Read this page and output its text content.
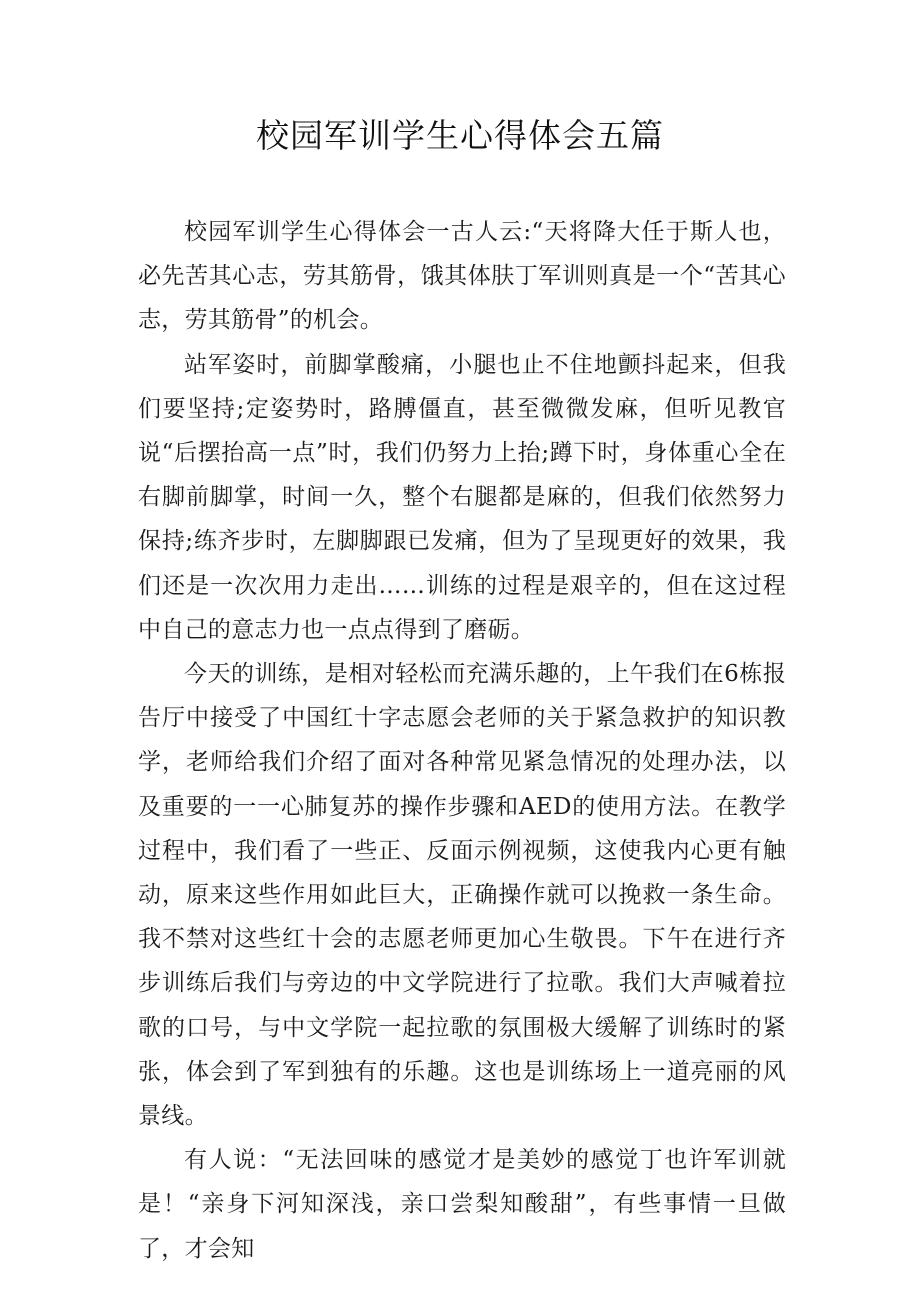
校园军训学生心得体会五篇

校园军训学生心得体会一古人云:“天将降大任于斯人也，必先苦其心志，劳其筋骨，饿其体肤丁军训则真是一个“苦其心志，劳其筋骨”的机会。

站军姿时，前脚掌酸痛，小腿也止不住地颤抖起来，但我们要坚持;定姿势时，路膊僵直，甚至微微发麻，但听见教官说“后摆抬高一点”时，我们仍努力上抬;蹲下时，身体重心全在右脚前脚掌，时间一久，整个右腿都是麻的，但我们依然努力保持;练齐步时，左脚脚跟已发痛，但为了呈现更好的效果，我们还是一次次用力走出……训练的过程是艰辛的，但在这过程中自己的意志力也一点点得到了磨砺。

今天的训练，是相对轻松而充满乐趣的，上午我们在6栋报告厅中接受了中国红十字志愿会老师的关于紧急救护的知识教学，老师给我们介绍了面对各种常见紧急情况的处理办法，以及重要的一一心肺复苏的操作步骤和AED的使用方法。在教学过程中，我们看了一些正、反面示例视频，这使我内心更有触动，原来这些作用如此巨大，正确操作就可以挽救一条生命。我不禁对这些红十会的志愿老师更加心生敬畏。下午在进行齐步训练后我们与旁边的中文学院进行了拉歌。我们大声喊着拉歌的口号，与中文学院一起拉歌的氛围极大缓解了训练时的紧张，体会到了军到独有的乐趣。这也是训练场上一道亮丽的风景线。

有人说：“无法回味的感觉才是美妙的感觉丁也许军训就是！“亲身下河知深浅，亲口尝梨知酸甜”，有些事情一旦做了，才会知
